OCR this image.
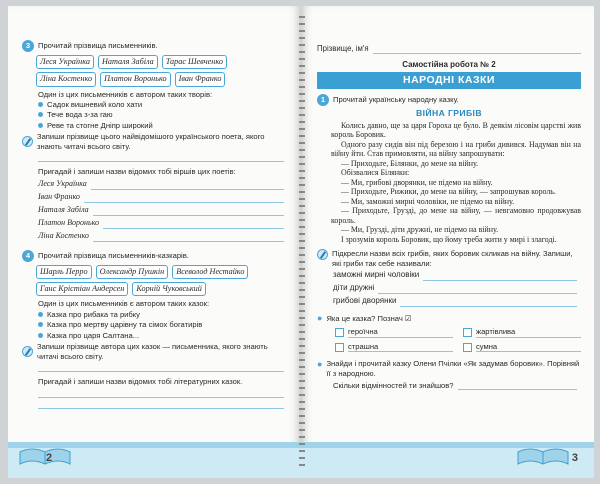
3	Прочитай прізвища письменників.
Леся Українка	Наталя Забіла	Тарас Шевченко
Ліна Костенко	Платон Воронько	Іван Франко
Один із цих письменників є автором таких творів:
Садок вишневий коло хати
Тече вода з-за гаю
Реве та стогне Дніпр широкий
Запиши прізвище цього найвідомішого українського поета, якого знають читачі всього світу.
Пригадай і запиши назви відомих тобі віршів цих поетів:
Леся Українка
Іван Франко
Наталя Забіла
Платон Воронько
Ліна Костенко
4	Прочитай прізвища письменників-казкарів.
Шарль Перро	Олександр Пушкін	Всеволод Нестайко
Ганс Крістіан Андерсен	Корній Чуковський
Один із цих письменників є автором таких казок:
Казка про рибака та рибку
Казка про мертву царівну та сімох богатирів
Казка про царя Салтана...
Запиши прізвище автора цих казок — письменника, якого знають читачі всього світу.
Пригадай і запиши назви відомих тобі літературних казок.
2
Прізвище, ім'я
Самостійна робота № 2
НАРОДНІ КАЗКИ
1	Прочитай українську народну казку.
ВІЙНА ГРИБІВ

Колись давно, ще за царя Гороха це було. В деякім лісовім царстві жив король Боровик.

Одного разу сидів він під березою і на гриби дивився. Надумав він на війну йти. Став примовляти, на війну запрошувати:

— Приходьте, Білянки, до мене на війну.

Обізвалися Білянки:

— Ми, грибові дворянки, не підемо на війну.

— Приходьте, Рижики, до мене на війну, — запрошував король.

— Ми, заможні мирні чоловіки, не підемо на війну.

— Приходьте, Грузді, до мене на війну, — невгамовно продовжував король.

— Ми, Груздi, діти дружні, не підемо на війну.

І зрозумів король Боровик, що йому треба жити у мирі і злагоді.

Підкресли назви всіх грибів, яких боровик скликав на війну. Запиши, які гриби так себе називали:
заможні мирні чоловіки
діти дружні
грибові дворянки
● Яка це казка? Познач ☑
героїчна	жартівлива
страшна	сумна
● Знайди і прочитай казку Олени Пчілки «Як задумав боровик». Порівняй її з народною.
Скільки відмінностей ти знайшов?
3
